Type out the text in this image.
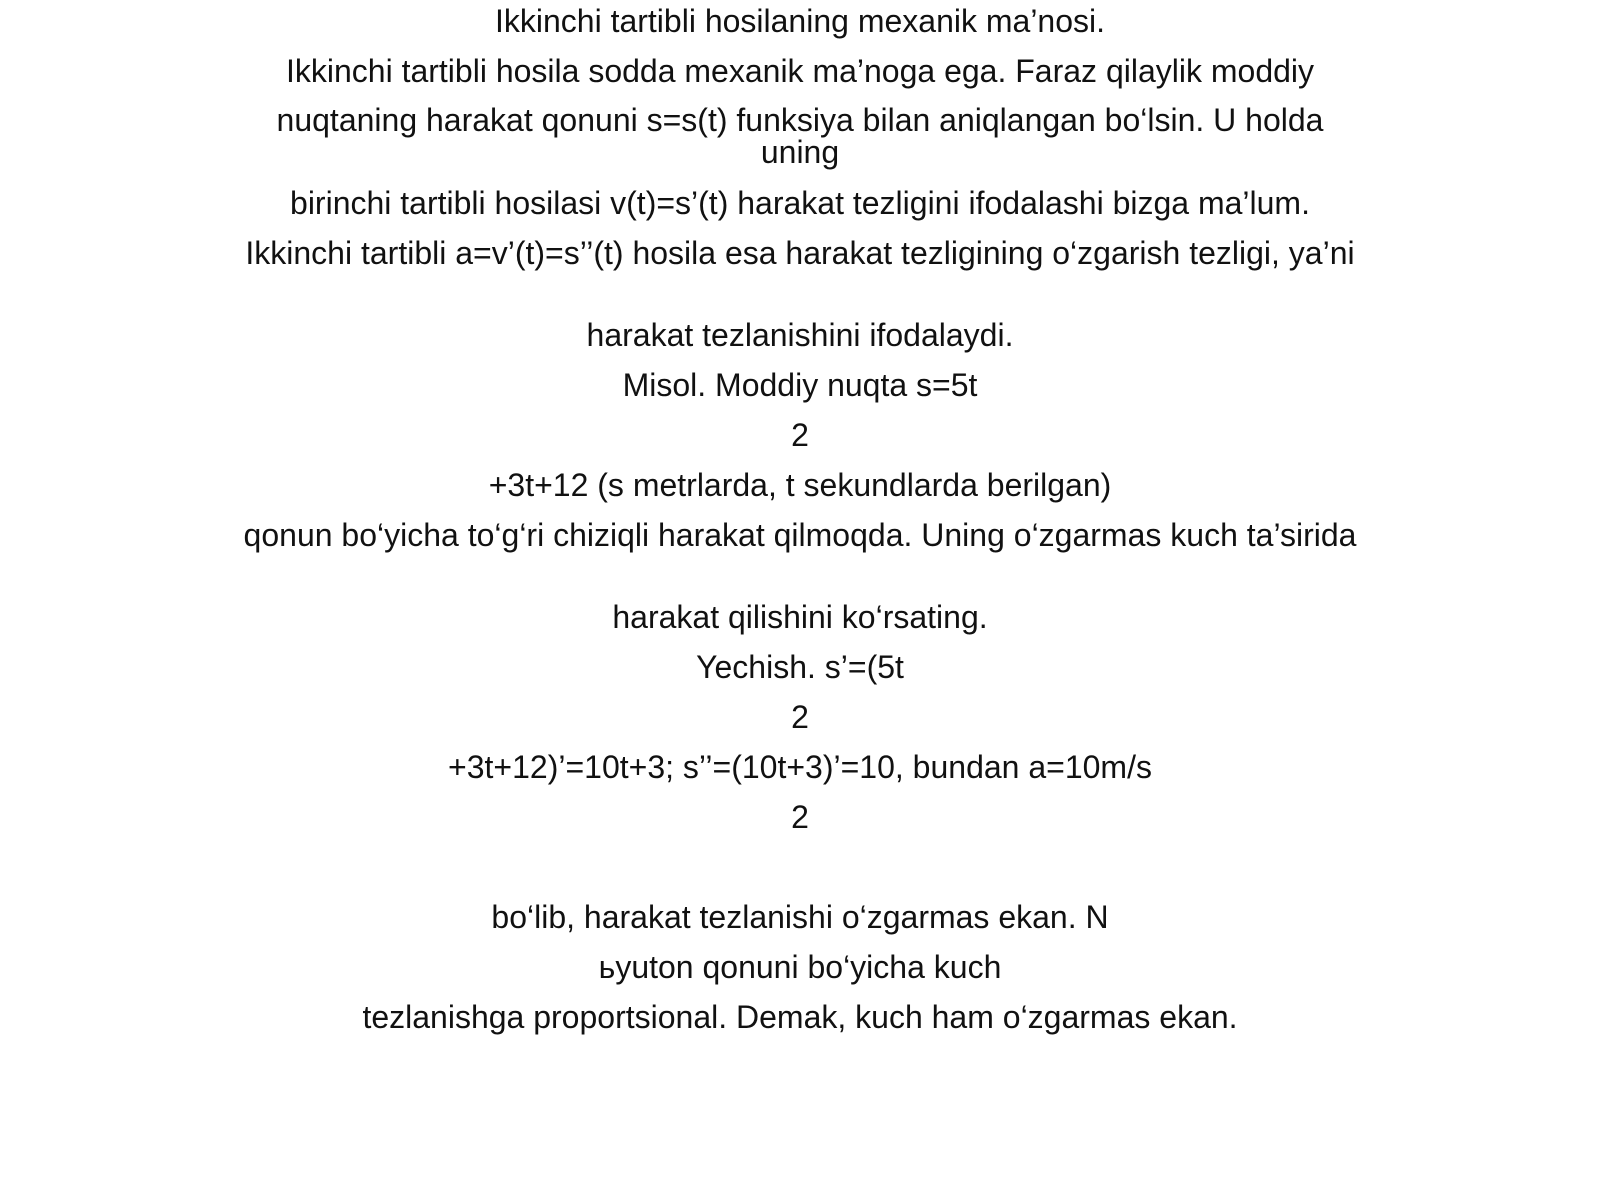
Ikkinchi tartibli hosilaning mexanik ma’nosi.
Ikkinchi tartibli hosila sodda mexanik ma’noga ega. Faraz qilaylik moddiy
nuqtaning harakat qonuni s=s(t) funksiya bilan aniqlangan bo‘lsin. U holda uning
birinchi tartibli hosilasi v(t)=s’(t) harakat tezligini ifodalashi bizga ma’lum.
Ikkinchi tartibli a=v’(t)=s’’(t) hosila esa harakat tezligining o‘zgarish tezligi, ya’ni
harakat tezlanishini ifodalaydi.
Misol. Moddiy nuqta s=5t
2
+3t+12 (s metrlarda, t sekundlarda berilgan)
qonun bo‘yicha to‘g‘ri chiziqli harakat qilmoqda. Uning o‘zgarmas kuch ta’sirida
harakat qilishini ko‘rsating.
Yechish. s’=(5t
2
+3t+12)’=10t+3; s’’=(10t+3)’=10, bundan a=10m/s
2
bo‘lib, harakat tezlanishi o‘zgarmas ekan. N
ьyuton qonuni bo‘yicha kuch
tezlanishga proportsional. Demak, kuch ham o‘zgarmas ekan.
